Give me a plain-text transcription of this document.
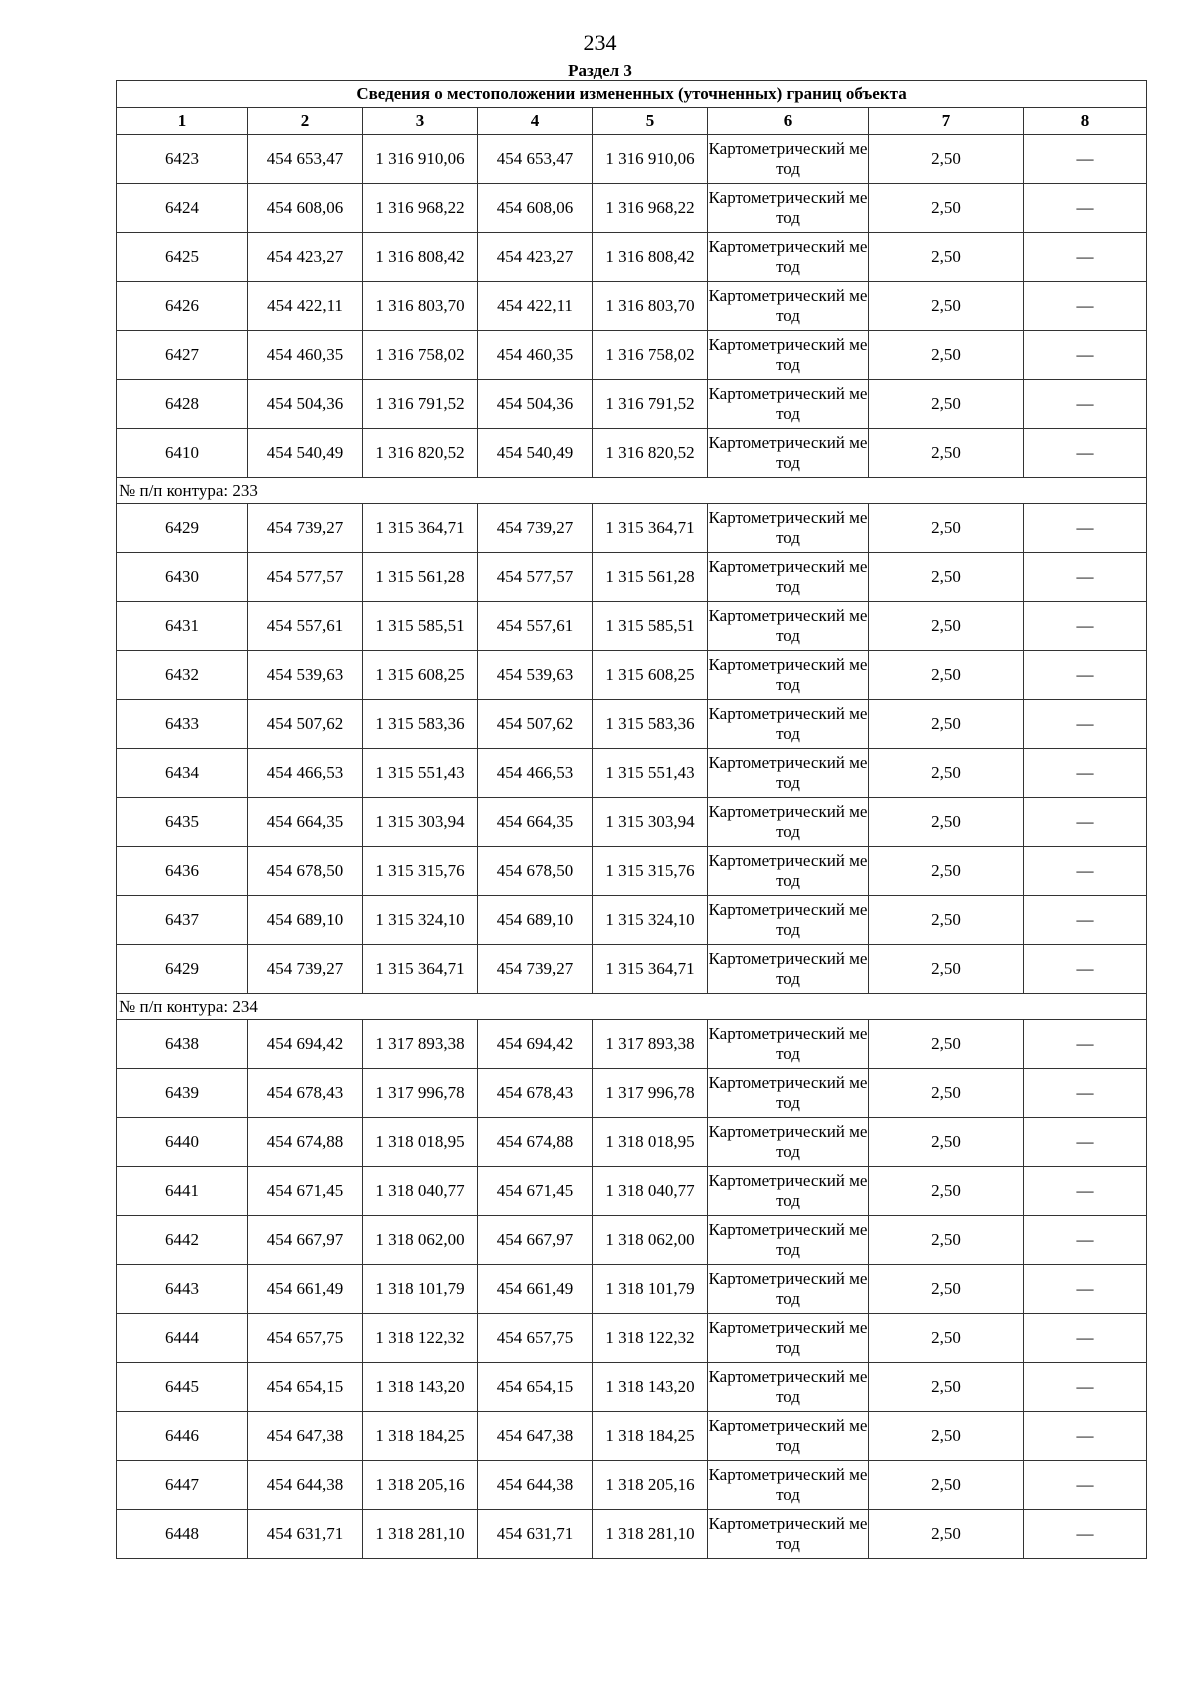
234
Раздел 3
Сведения о местоположении измененных (уточненных) границ объекта							
1	2	3	4	5	6	7	8
6423	454 653,47	1 316 910,06	454 653,47	1 316 910,06	Картометрический метод	2,50	—
6424	454 608,06	1 316 968,22	454 608,06	1 316 968,22	Картометрический метод	2,50	—
6425	454 423,27	1 316 808,42	454 423,27	1 316 808,42	Картометрический метод	2,50	—
6426	454 422,11	1 316 803,70	454 422,11	1 316 803,70	Картометрический метод	2,50	—
6427	454 460,35	1 316 758,02	454 460,35	1 316 758,02	Картометрический метод	2,50	—
6428	454 504,36	1 316 791,52	454 504,36	1 316 791,52	Картометрический метод	2,50	—
6410	454 540,49	1 316 820,52	454 540,49	1 316 820,52	Картометрический метод	2,50	—
№ п/п контура: 233							
6429	454 739,27	1 315 364,71	454 739,27	1 315 364,71	Картометрический метод	2,50	—
6430	454 577,57	1 315 561,28	454 577,57	1 315 561,28	Картометрический метод	2,50	—
6431	454 557,61	1 315 585,51	454 557,61	1 315 585,51	Картометрический метод	2,50	—
6432	454 539,63	1 315 608,25	454 539,63	1 315 608,25	Картометрический метод	2,50	—
6433	454 507,62	1 315 583,36	454 507,62	1 315 583,36	Картометрический метод	2,50	—
6434	454 466,53	1 315 551,43	454 466,53	1 315 551,43	Картометрический метод	2,50	—
6435	454 664,35	1 315 303,94	454 664,35	1 315 303,94	Картометрический метод	2,50	—
6436	454 678,50	1 315 315,76	454 678,50	1 315 315,76	Картометрический метод	2,50	—
6437	454 689,10	1 315 324,10	454 689,10	1 315 324,10	Картометрический метод	2,50	—
6429	454 739,27	1 315 364,71	454 739,27	1 315 364,71	Картометрический метод	2,50	—
№ п/п контура: 234							
6438	454 694,42	1 317 893,38	454 694,42	1 317 893,38	Картометрический метод	2,50	—
6439	454 678,43	1 317 996,78	454 678,43	1 317 996,78	Картометрический метод	2,50	—
6440	454 674,88	1 318 018,95	454 674,88	1 318 018,95	Картометрический метод	2,50	—
6441	454 671,45	1 318 040,77	454 671,45	1 318 040,77	Картометрический метод	2,50	—
6442	454 667,97	1 318 062,00	454 667,97	1 318 062,00	Картометрический метод	2,50	—
6443	454 661,49	1 318 101,79	454 661,49	1 318 101,79	Картометрический метод	2,50	—
6444	454 657,75	1 318 122,32	454 657,75	1 318 122,32	Картометрический метод	2,50	—
6445	454 654,15	1 318 143,20	454 654,15	1 318 143,20	Картометрический метод	2,50	—
6446	454 647,38	1 318 184,25	454 647,38	1 318 184,25	Картометрический метод	2,50	—
6447	454 644,38	1 318 205,16	454 644,38	1 318 205,16	Картометрический метод	2,50	—
6448	454 631,71	1 318 281,10	454 631,71	1 318 281,10	Картометрический метод	2,50	—
